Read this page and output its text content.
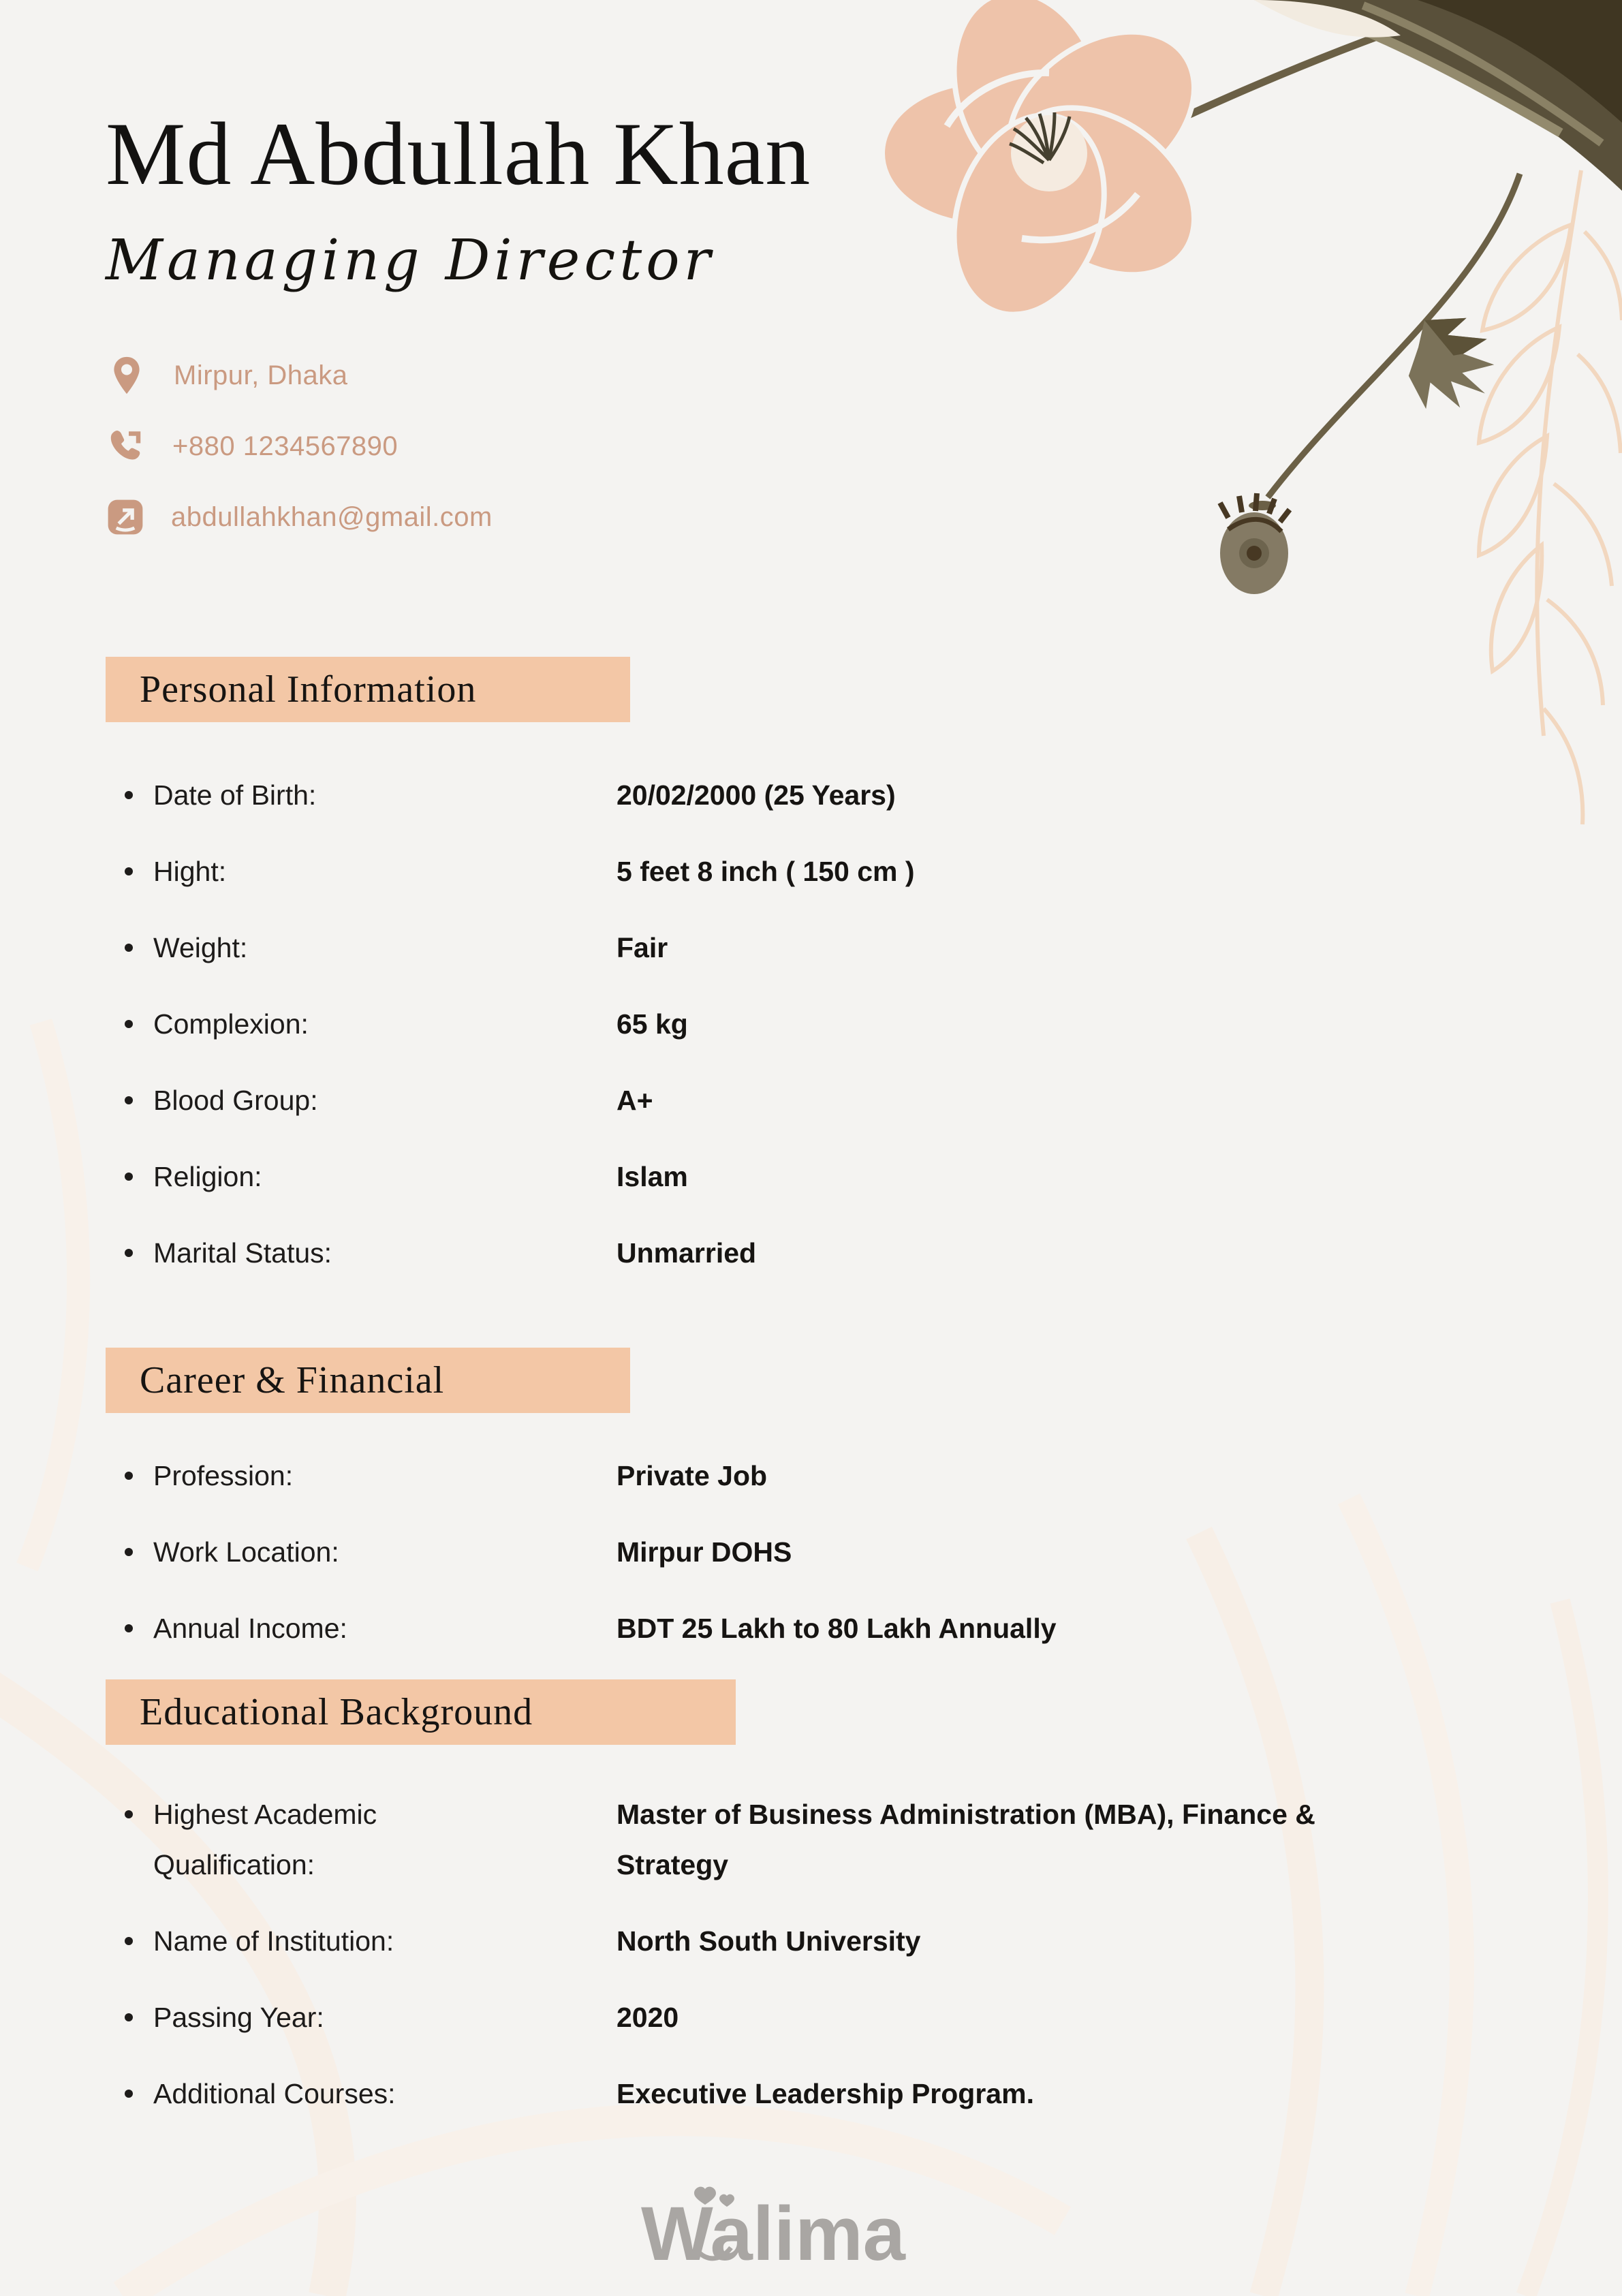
Md Abdullah Khan
Managing Director
Mirpur, Dhaka
+880 1234567890
abdullahkhan@gmail.com
Personal Information
Date of Birth:	20/02/2000 (25 Years)
Hight:	5 feet 8 inch ( 150 cm )
Weight:	Fair
Complexion:	65 kg
Blood Group:	A+
Religion:	Islam
Marital Status:	Unmarried
Career & Financial
Profession:	Private Job
Work Location:	Mirpur DOHS
Annual Income:	BDT 25 Lakh to 80 Lakh Annually
Educational Background
Highest Academic Qualification:
Master of Business Administration (MBA), Finance & Strategy
Name of Institution:	North South University
Passing Year:	2020
Additional Courses:	Executive Leadership Program.
Walima
